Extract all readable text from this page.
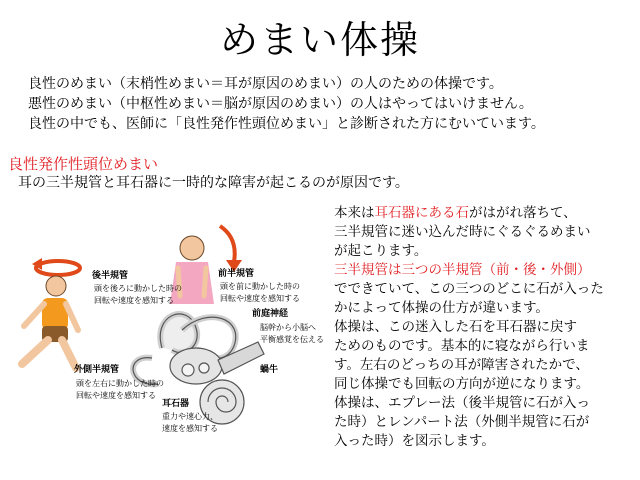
めまい体操
良性のめまい（末梢性めまい＝耳が原因のめまい）の人のための体操です。
悪性のめまい（中枢性めまい＝脳が原因のめまい）の人はやってはいけません。
良性の中でも、医師に「良性発作性頭位めまい」と診断された方にむいています。
良性発作性頭位めまい
耳の三半規管と耳石器に一時的な障害が起こるのが原因です。
本来は耳石器にある石がはがれ落ちて、
三半規管に迷い込んだ時にぐるぐるめまい
が起こります。
三半規管は三つの半規管（前・後・外側）
でできていて、この三つのどこに石が入った
かによって体操の仕方が違います。
体操は、この迷入した石を耳石器に戻す
ためのものです。基本的に寝ながら行いま
す。左右のどっちの耳が障害されたかで、
同じ体操でも回転の方向が逆になります。
体操は、エプレー法（後半規管に石が入っ
た時）とレンパート法（外側半規管に石が
入った時）を図示します。
後半規管
頭を後ろに動かした時の
回転や速度を感知する
前半規管
頭を前に動かした時の
回転や速度を感知する
前庭神経
脳幹から小脳へ
平衡感覚を伝える
外側半規管
頭を左右に動かした時の
回転や速度を感知する
蝸牛
耳石器
重力や速心力、
速度を感知する
